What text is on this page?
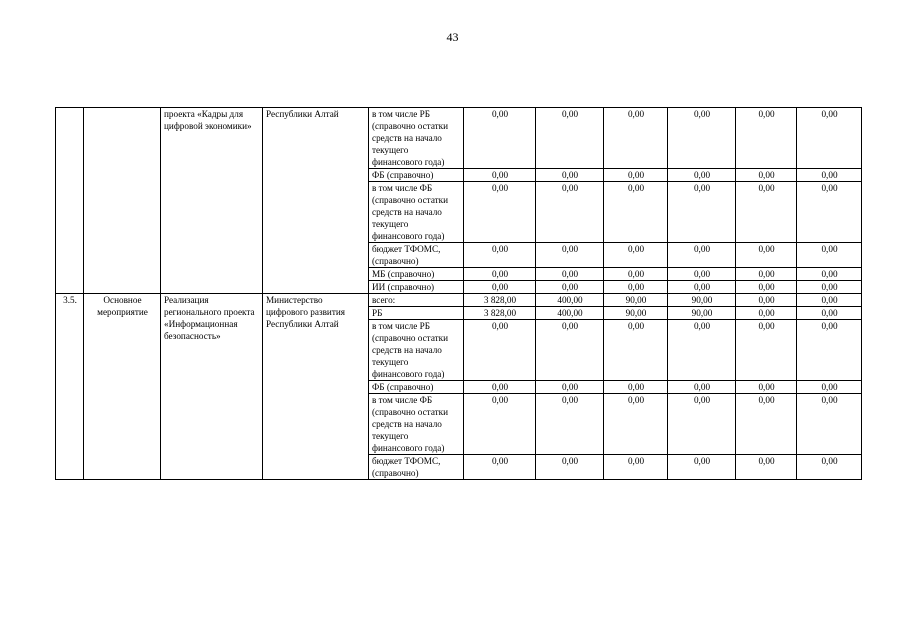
43
		проекта «Кадры для цифровой экономики»	Республики Алтай	в том числе РБ (справочно остатки средств на начало текущего финансового года)	0,00	0,00	0,00	0,00	0,00	0,00
				ФБ (справочно)	0,00	0,00	0,00	0,00	0,00	0,00
				в том числе ФБ (справочно остатки средств на начало текущего финансового года)	0,00	0,00	0,00	0,00	0,00	0,00
				бюджет ТФОМС, (справочно)	0,00	0,00	0,00	0,00	0,00	0,00
				МБ (справочно)	0,00	0,00	0,00	0,00	0,00	0,00
				ИИ (справочно)	0,00	0,00	0,00	0,00	0,00	0,00
3.5.	Основное мероприятие	Реализация регионального проекта «Информационная безопасность»	Министерство цифрового развития Республики Алтай	всего:	3 828,00	400,00	90,00	90,00	0,00	0,00
				РБ	3 828,00	400,00	90,00	90,00	0,00	0,00
				в том числе РБ (справочно остатки средств на начало текущего финансового года)	0,00	0,00	0,00	0,00	0,00	0,00
				ФБ (справочно)	0,00	0,00	0,00	0,00	0,00	0,00
				в том числе ФБ (справочно остатки средств на начало текущего финансового года)	0,00	0,00	0,00	0,00	0,00	0,00
				бюджет ТФОМС, (справочно)	0,00	0,00	0,00	0,00	0,00	0,00
